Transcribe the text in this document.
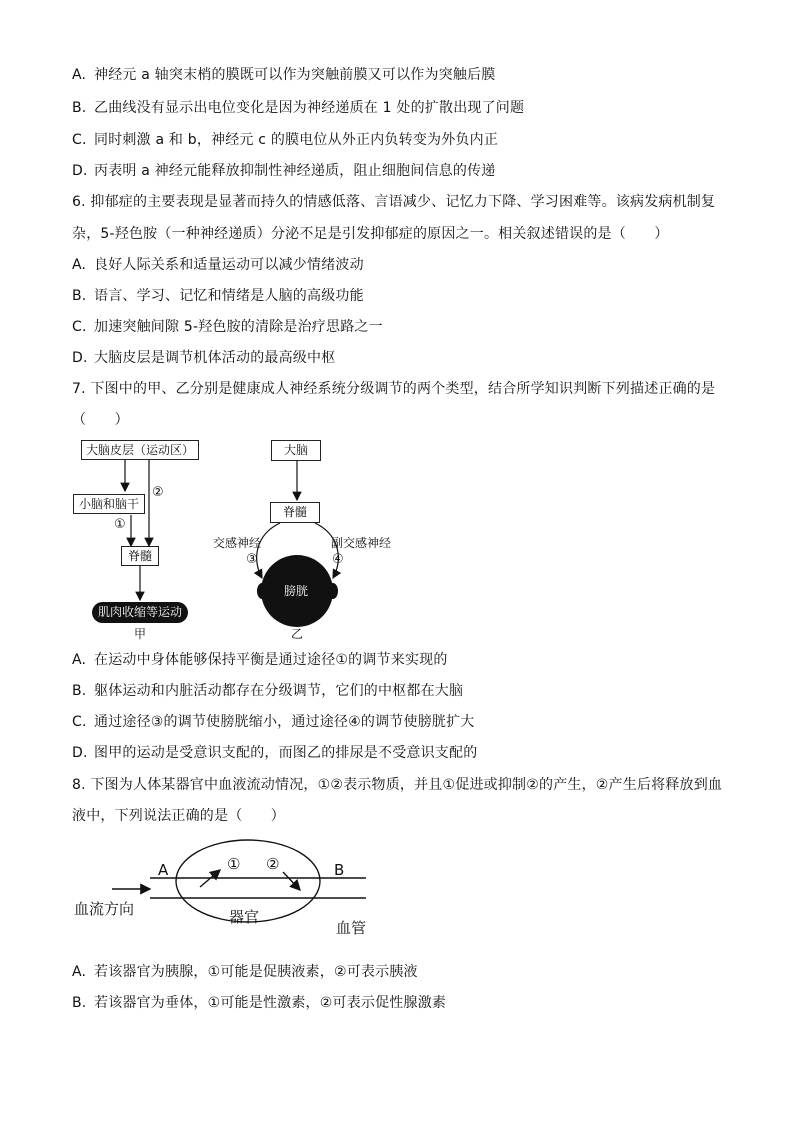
A. 神经元 a 轴突末梢的膜既可以作为突触前膜又可以作为突触后膜
B. 乙曲线没有显示出电位变化是因为神经递质在 1 处的扩散出现了问题
C. 同时刺激 a 和 b，神经元 c 的膜电位从外正内负转变为外负内正
D. 丙表明 a 神经元能释放抑制性神经递质，阻止细胞间信息的传递
6. 抑郁症的主要表现是显著而持久的情感低落、言语减少、记忆力下降、学习困难等。该病发病机制复
杂，5-羟色胺（一种神经递质）分泌不足是引发抑郁症的原因之一。相关叙述错误的是（　　）
A. 良好人际关系和适量运动可以减少情绪波动
B. 语言、学习、记忆和情绪是人脑的高级功能
C. 加速突触间隙 5-羟色胺的清除是治疗思路之一
D. 大脑皮层是调节机体活动的最高级中枢
7. 下图中的甲、乙分别是健康成人神经系统分级调节的两个类型，结合所学知识判断下列描述正确的是
（　　）
大脑皮层（运动区）
小脑和脑干
②
①
脊髓
肌肉收缩等运动
甲
大脑
脊髓
交感神经	副交感神经
③	④
膀胱
乙
A. 在运动中身体能够保持平衡是通过途径①的调节来实现的
B. 躯体运动和内脏活动都存在分级调节，它们的中枢都在大脑
C. 通过途径③的调节使膀胱缩小，通过途径④的调节使膀胱扩大
D. 图甲的运动是受意识支配的，而图乙的排尿是不受意识支配的
8. 下图为人体某器官中血液流动情况，①②表示物质，并且①促进或抑制②的产生，②产生后将释放到血
液中，下列说法正确的是（　　）
A	B
① ②
血流方向	器官
血管
A. 若该器官为胰腺，①可能是促胰液素，②可表示胰液
B. 若该器官为垂体，①可能是性激素，②可表示促性腺激素
